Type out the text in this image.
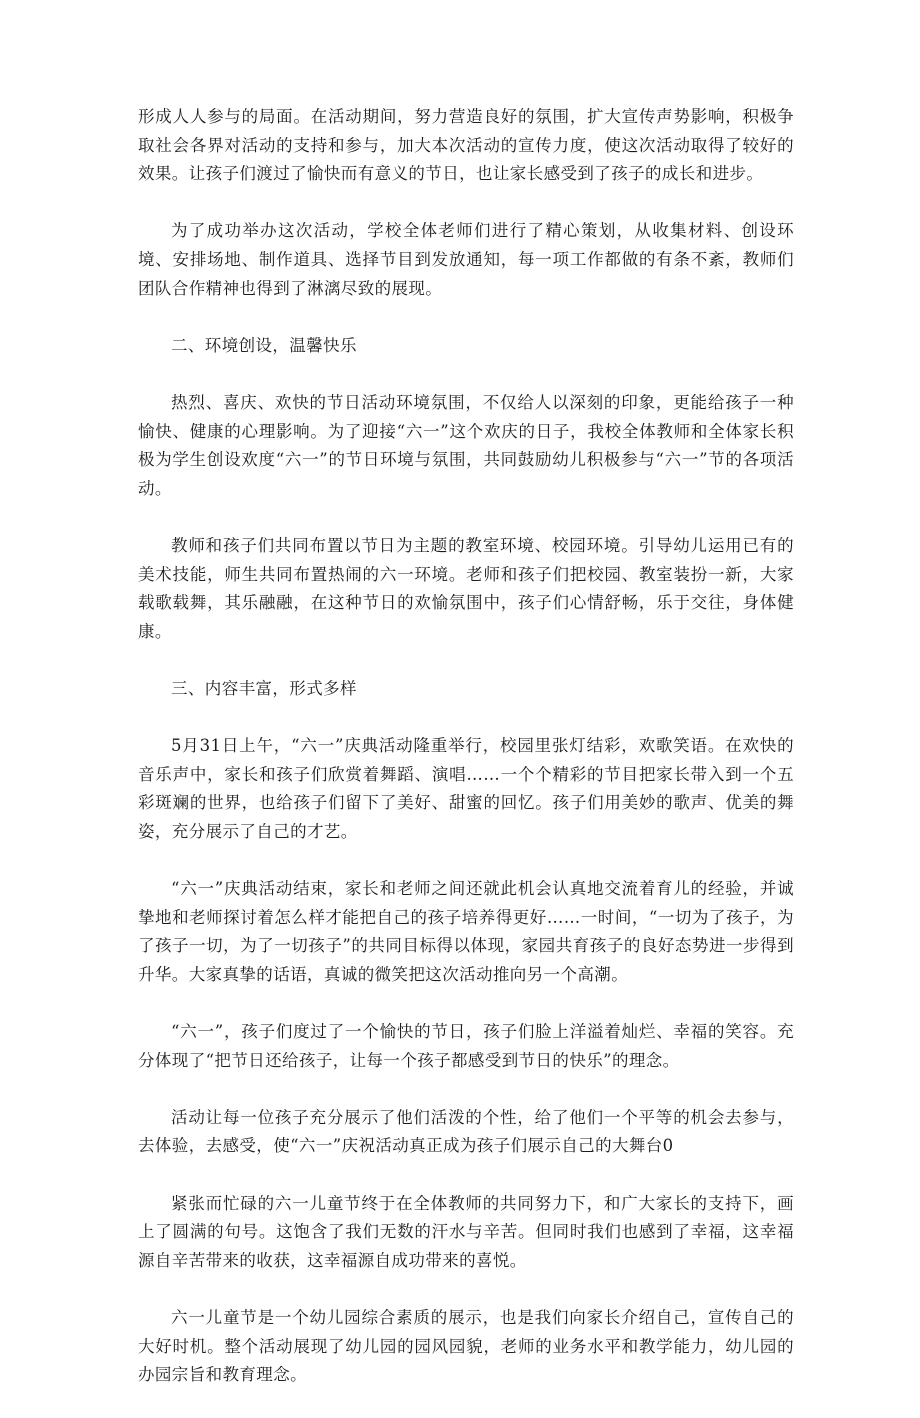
形成人人参与的局面。在活动期间，努力营造良好的氛围，扩大宣传声势影响，积极争取社会各界对活动的支持和参与，加大本次活动的宣传力度，使这次活动取得了较好的效果。让孩子们渡过了愉快而有意义的节日，也让家长感受到了孩子的成长和进步。

为了成功举办这次活动，学校全体老师们进行了精心策划，从收集材料、创设环境、安排场地、制作道具、选择节目到发放通知，每一项工作都做的有条不紊，教师们团队合作精神也得到了淋漓尽致的展现。

二、环境创设，温馨快乐

热烈、喜庆、欢快的节日活动环境氛围，不仅给人以深刻的印象，更能给孩子一种愉快、健康的心理影响。为了迎接“六一”这个欢庆的日子，我校全体教师和全体家长积极为学生创设欢度“六一”的节日环境与氛围，共同鼓励幼儿积极参与“六一”节的各项活动。

教师和孩子们共同布置以节日为主题的教室环境、校园环境。引导幼儿运用已有的美术技能，师生共同布置热闹的六一环境。老师和孩子们把校园、教室装扮一新，大家载歌载舞，其乐融融，在这种节日的欢愉氛围中，孩子们心情舒畅，乐于交往，身体健康。

三、内容丰富，形式多样

5月31日上午，“六一”庆典活动隆重举行，校园里张灯结彩，欢歌笑语。在欢快的音乐声中，家长和孩子们欣赏着舞蹈、演唱……一个个精彩的节目把家长带入到一个五彩斑斓的世界，也给孩子们留下了美好、甜蜜的回忆。孩子们用美妙的歌声、优美的舞姿，充分展示了自己的才艺。

“六一”庆典活动结束，家长和老师之间还就此机会认真地交流着育儿的经验，并诚挚地和老师探讨着怎么样才能把自己的孩子培养得更好……一时间，“一切为了孩子，为了孩子一切，为了一切孩子”的共同目标得以体现，家园共育孩子的良好态势进一步得到升华。大家真挚的话语，真诚的微笑把这次活动推向另一个高潮。

“六一”，孩子们度过了一个愉快的节日，孩子们脸上洋溢着灿烂、幸福的笑容。充分体现了“把节日还给孩子，让每一个孩子都感受到节日的快乐”的理念。

活动让每一位孩子充分展示了他们活泼的个性，给了他们一个平等的机会去参与，去体验，去感受，使“六一”庆祝活动真正成为孩子们展示自己的大舞台0

紧张而忙碌的六一儿童节终于在全体教师的共同努力下，和广大家长的支持下，画上了圆满的句号。这饱含了我们无数的汗水与辛苦。但同时我们也感到了幸福，这幸福源自辛苦带来的收获，这幸福源自成功带来的喜悦。

六一儿童节是一个幼儿园综合素质的展示，也是我们向家长介绍自己，宣传自己的大好时机。整个活动展现了幼儿园的园风园貌，老师的业务水平和教学能力，幼儿园的办园宗旨和教育理念。
